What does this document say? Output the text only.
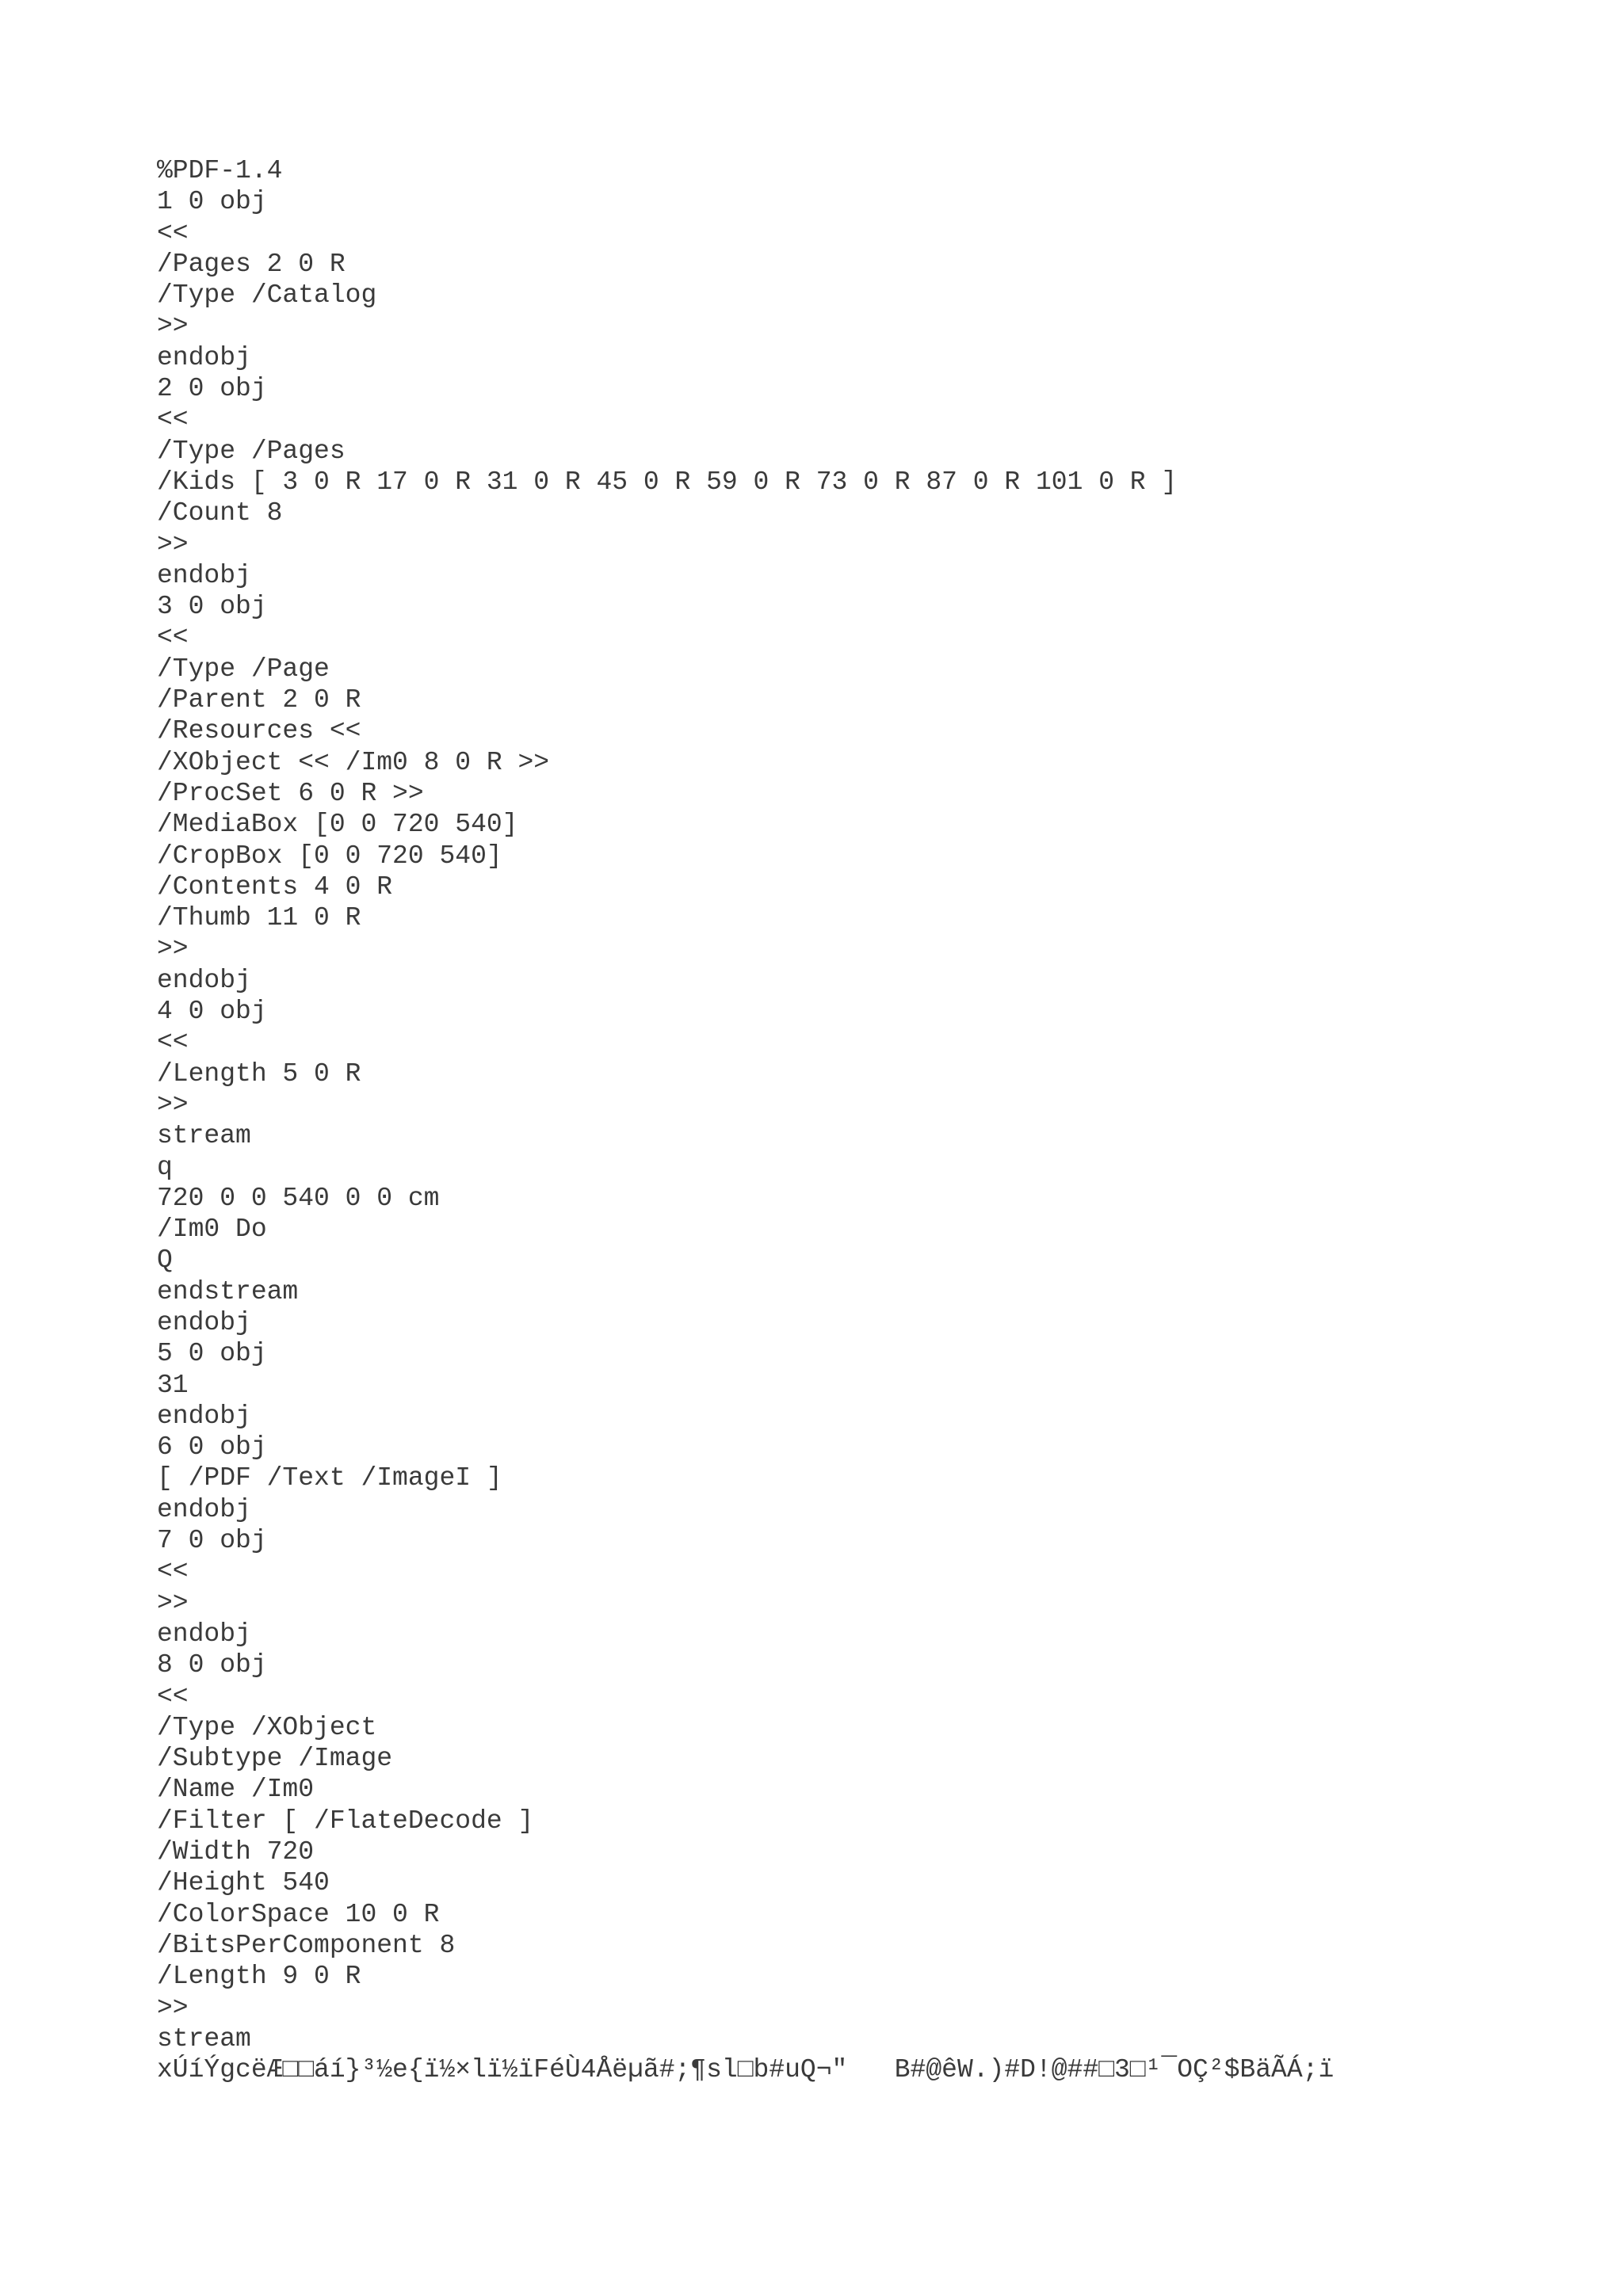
%PDF-1.4
1 0 obj
<<
/Pages 2 0 R
/Type /Catalog
>>
endobj
2 0 obj
<<
/Type /Pages
/Kids [ 3 0 R 17 0 R 31 0 R 45 0 R 59 0 R 73 0 R 87 0 R 101 0 R ]
/Count 8
>>
endobj
3 0 obj
<<
/Type /Page
/Parent 2 0 R
/Resources <<
/XObject << /Im0 8 0 R >>
/ProcSet 6 0 R >>
/MediaBox [0 0 720 540]
/CropBox [0 0 720 540]
/Contents 4 0 R
/Thumb 11 0 R
>>
endobj
4 0 obj
<<
/Length 5 0 R
>>
stream
q
720 0 0 540 0 0 cm
/Im0 Do
Q
endstream
endobj
5 0 obj
31
endobj
6 0 obj
[ /PDF /Text /ImageI ]
endobj
7 0 obj
<<
>>
endobj
8 0 obj
<<
/Type /XObject
/Subtype /Image
/Name /Im0
/Filter [ /FlateDecode ]
/Width 720
/Height 540
/ColorSpace 10 0 R
/BitsPerComponent 8
/Length 9 0 R
>>
stream
xÚíÝgcëÆ□□áí}³½e{ï½×lï½ïFéÙ4Åëµã#;¶sl□b#uQ¬"   B#@êW.)#D!@##□3□¹¯OÇ²$BäÃÁ;ï
